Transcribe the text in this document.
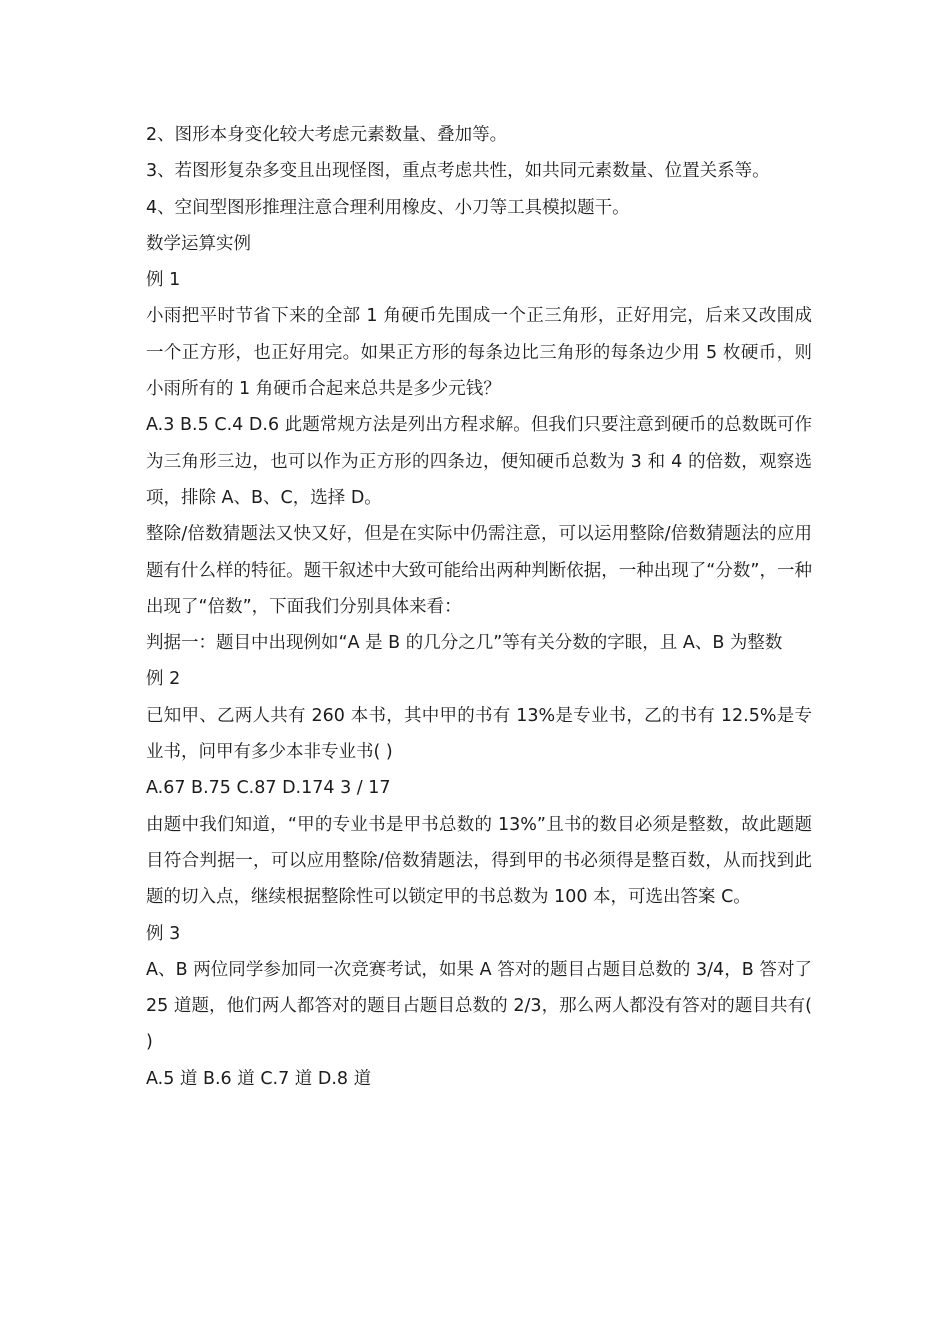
2、图形本身变化较大考虑元素数量、叠加等。

3、若图形复杂多变且出现怪图，重点考虑共性，如共同元素数量、位置关系等。

4、空间型图形推理注意合理利用橡皮、小刀等工具模拟题干。

数学运算实例

例 1

小雨把平时节省下来的全部 1 角硬币先围成一个正三角形，正好用完，后来又改围成一个正方形，也正好用完。如果正方形的每条边比三角形的每条边少用 5 枚硬币，则小雨所有的 1 角硬币合起来总共是多少元钱？

A.3 B.5 C.4 D.6 此题常规方法是列出方程求解。但我们只要注意到硬币的总数既可作为三角形三边，也可以作为正方形的四条边，便知硬币总数为 3 和 4 的倍数，观察选项，排除 A、B、C，选择 D。

整除/倍数猜题法又快又好，但是在实际中仍需注意，可以运用整除/倍数猜题法的应用题有什么样的特征。题干叙述中大致可能给出两种判断依据，一种出现了“分数”，一种出现了“倍数”，下面我们分别具体来看：

判据一：题目中出现例如“A 是 B 的几分之几”等有关分数的字眼，且 A、B 为整数

例 2

已知甲、乙两人共有 260 本书，其中甲的书有 13%是专业书，乙的书有 12.5%是专业书，问甲有多少本非专业书( )

A.67 B.75 C.87 D.174 3 / 17

由题中我们知道，“甲的专业书是甲书总数的 13%”且书的数目必须是整数，故此题题目符合判据一，可以应用整除/倍数猜题法，得到甲的书必须得是整百数，从而找到此题的切入点，继续根据整除性可以锁定甲的书总数为 100 本，可选出答案 C。

例 3

A、B 两位同学参加同一次竞赛考试，如果 A 答对的题目占题目总数的 3/4，B 答对了 25 道题，他们两人都答对的题目占题目总数的 2/3，那么两人都没有答对的题目共有( )

A.5 道 B.6 道 C.7 道 D.8 道
